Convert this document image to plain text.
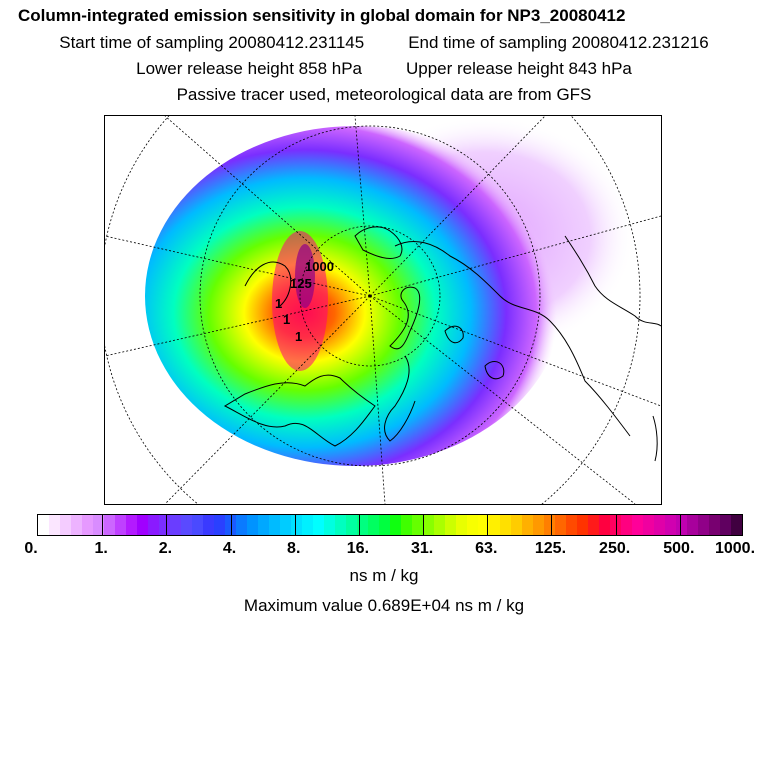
Column-integrated emission sensitivity in global domain for NP3_20080412
Start time of sampling 20080412.231145	End time of sampling 20080412.231216
Lower release height 858 hPa	Upper release height 843 hPa
Passive tracer used, meteorological data are from GFS
1000
125
1
1
1
0.	1.	2.	4.	8.	16.	31.	63. 125. 250. 500. 1000.
ns m / kg
Maximum value 0.689E+04 ns m / kg
